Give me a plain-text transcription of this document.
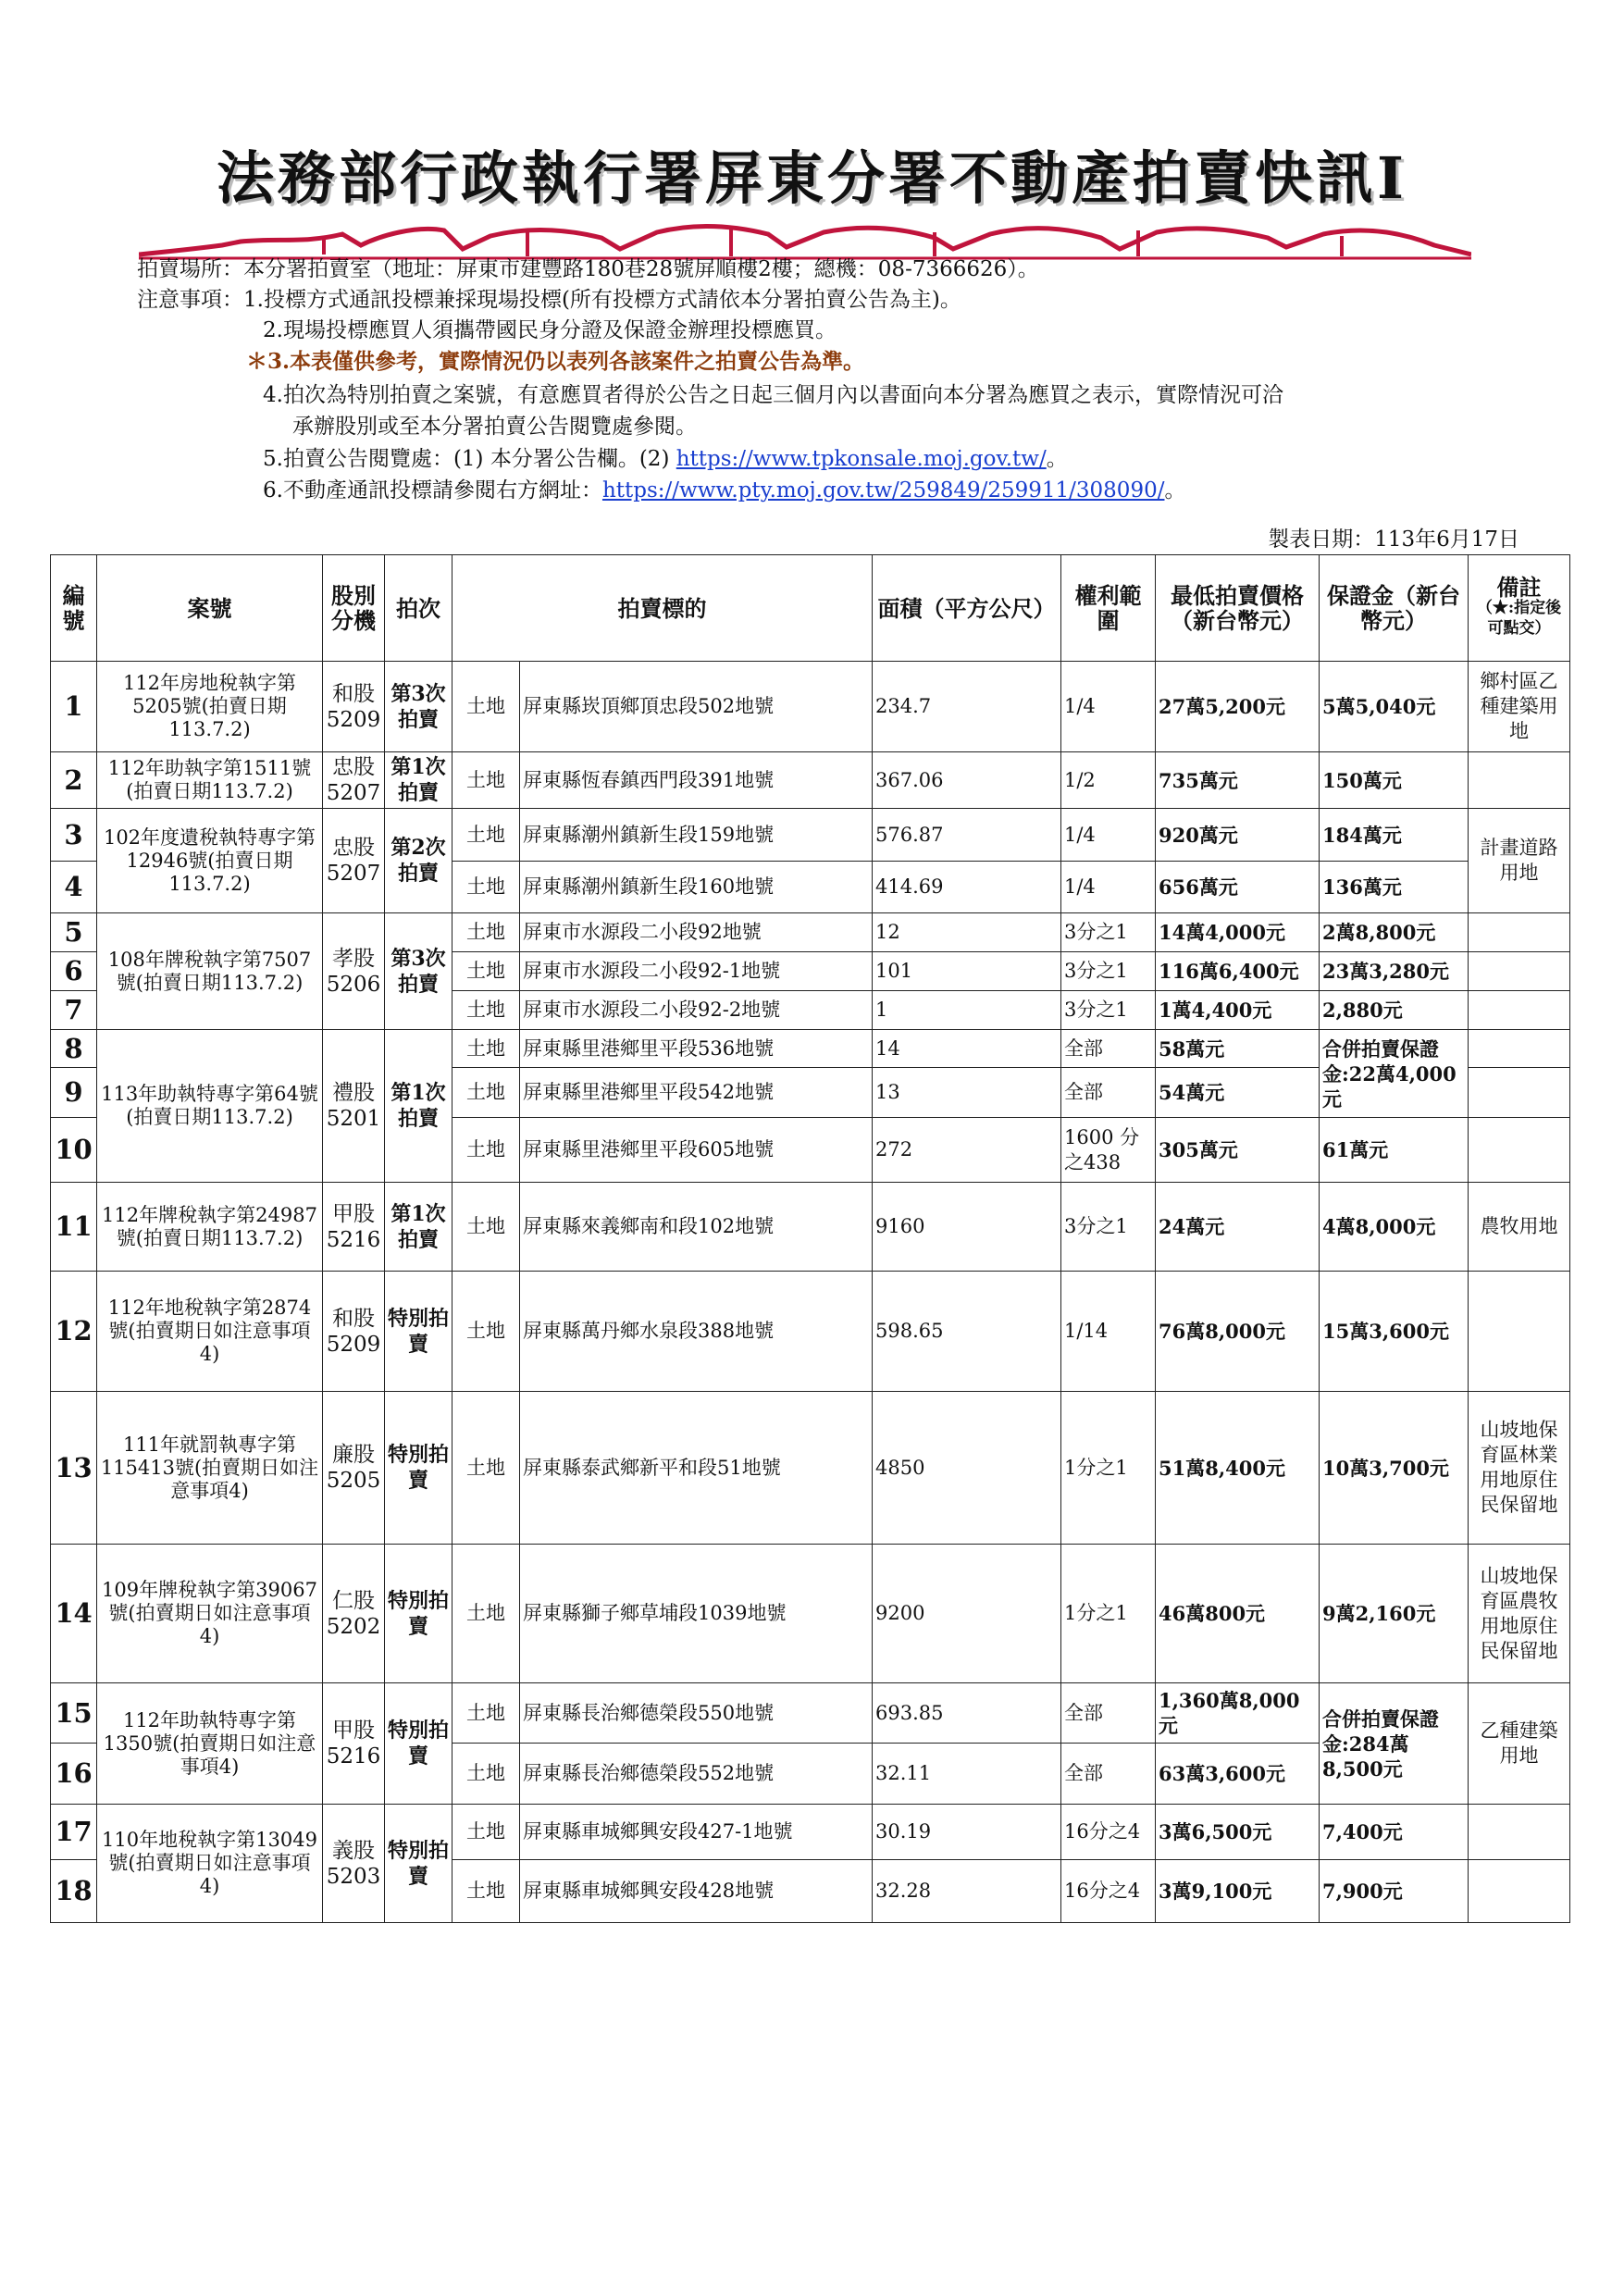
法務部行政執行署屏東分署不動產拍賣快訊Ⅰ
拍賣場所：本分署拍賣室（地址：屏東市建豐路180巷28號屏順樓2樓；總機：08-7366626）。
注意事項：1.投標方式通訊投標兼採現場投標(所有投標方式請依本分署拍賣公告為主)。
2.現場投標應買人須攜帶國民身分證及保證金辦理投標應買。
＊3.本表僅供參考，實際情況仍以表列各該案件之拍賣公告為準。
4.拍次為特別拍賣之案號，有意應買者得於公告之日起三個月內以書面向本分署為應買之表示，實際情況可洽
承辦股別或至本分署拍賣公告閱覽處參閱。
5.拍賣公告閱覽處：(1) 本分署公告欄。(2) https://www.tpkonsale.moj.gov.tw/。
6.不動產通訊投標請參閱右方網址：https://www.pty.moj.gov.tw/259849/259911/308090/。
製表日期：113年6月17日
編號	案號	股別分機	拍次	拍賣標的		面積（平方公尺）	權利範圍	最低拍賣價格（新台幣元）	保證金（新台幣元）	備註
（★:指定後可點交）
1	112年房地稅執字第5205號(拍賣日期113.7.2)	和股5209	第3次拍賣	土地	屏東縣崁頂鄉頂忠段502地號	234.7	1/4	27萬5,200元	5萬5,040元	鄉村區乙種建築用地
2	112年助執字第1511號(拍賣日期113.7.2)	忠股5207	第1次拍賣	土地	屏東縣恆春鎮西門段391地號	367.06	1/2	735萬元	150萬元	
3	102年度遺稅執特專字第12946號(拍賣日期113.7.2)	忠股5207	第2次拍賣	土地	屏東縣潮州鎮新生段159地號	576.87	1/4	920萬元	184萬元	計畫道路用地
4				土地	屏東縣潮州鎮新生段160地號	414.69	1/4	656萬元	136萬元	
5	108年牌稅執字第7507號(拍賣日期113.7.2)	孝股5206	第3次拍賣	土地	屏東市水源段二小段92地號	12	3分之1	14萬4,000元	2萬8,800元	
6				土地	屏東市水源段二小段92-1地號	101	3分之1	116萬6,400元	23萬3,280元	
7				土地	屏東市水源段二小段92-2地號	1	3分之1	1萬4,400元	2,880元	
8	113年助執特專字第64號(拍賣日期113.7.2)	禮股5201	第1次拍賣	土地	屏東縣里港鄉里平段536地號	14	全部	58萬元	合併拍賣保證金:22萬4,000元	
9				土地	屏東縣里港鄉里平段542地號	13	全部	54萬元		
10				土地	屏東縣里港鄉里平段605地號	272	1600 分之438	305萬元	61萬元	
11	112年牌稅執字第24987號(拍賣日期113.7.2)	甲股5216	第1次拍賣	土地	屏東縣來義鄉南和段102地號	9160	3分之1	24萬元	4萬8,000元	農牧用地
12	112年地稅執字第2874號(拍賣期日如注意事項4)	和股5209	特別拍賣	土地	屏東縣萬丹鄉水泉段388地號	598.65	1/14	76萬8,000元	15萬3,600元	
13	111年就罰執專字第115413號(拍賣期日如注意事項4)	廉股5205	特別拍賣	土地	屏東縣泰武鄉新平和段51地號	4850	1分之1	51萬8,400元	10萬3,700元	山坡地保育區林業用地原住民保留地
14	109年牌稅執字第39067號(拍賣期日如注意事項4)	仁股5202	特別拍賣	土地	屏東縣獅子鄉草埔段1039地號	9200	1分之1	46萬800元	9萬2,160元	山坡地保育區農牧用地原住民保留地
15	112年助執特專字第1350號(拍賣期日如注意事項4)	甲股5216	特別拍賣	土地	屏東縣長治鄉德榮段550地號	693.85	全部	1,360萬8,000元	合併拍賣保證金:284萬8,500元	乙種建築用地
16				土地	屏東縣長治鄉德榮段552地號	32.11	全部	63萬3,600元		
17	110年地稅執字第13049號(拍賣期日如注意事項4)	義股5203	特別拍賣	土地	屏東縣車城鄉興安段427-1地號	30.19	16分之4	3萬6,500元	7,400元	
18				土地	屏東縣車城鄉興安段428地號	32.28	16分之4	3萬9,100元	7,900元	
